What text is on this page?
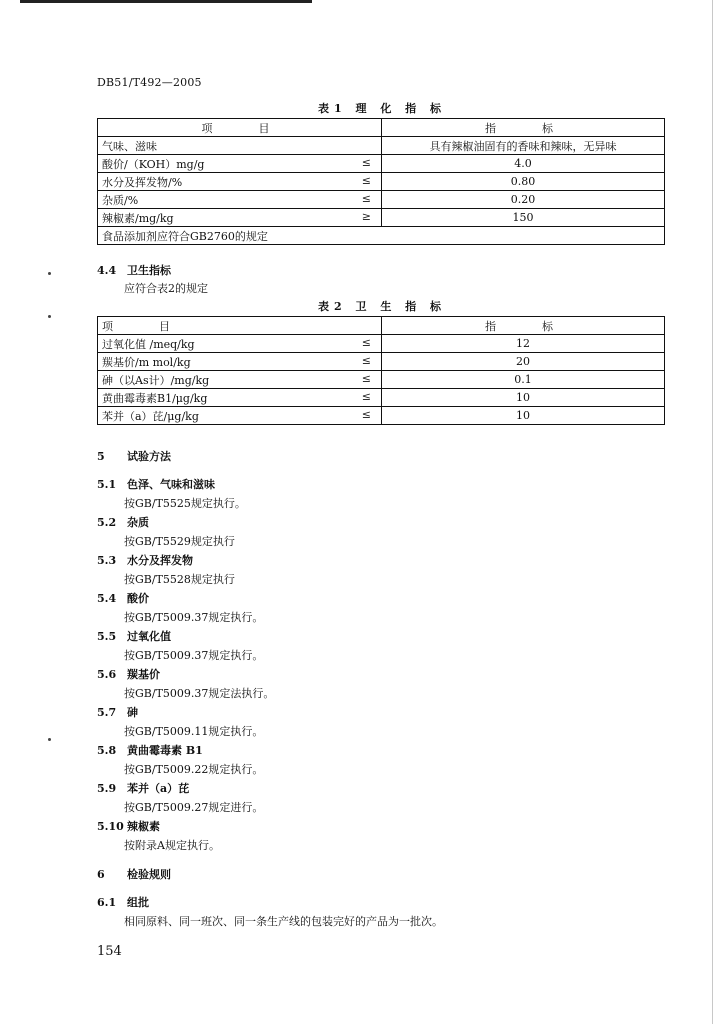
DB51/T492—2005
表1 理 化 指 标
项　　目	指　　标
气味、滋味	具有辣椒油固有的香味和辣味，无异味
酸价/（KOH）mg/g ≤	4.0
水分及挥发物/% ≤	0.80
杂质/% ≤	0.20
辣椒素/mg/kg ≥	150
食品添加剂应符合GB2760的规定	
4.4 卫生指标
应符合表2的规定
表2 卫 生 指 标
项　　目	指　　标
过氧化值 /meq/kg ≤	12
羰基价/m mol/kg ≤	20
砷（以As计）/mg/kg ≤	0.1
黄曲霉毒素B1/μg/kg ≤	10
苯并（a）芘/μg/kg ≤	10
5 试验方法
5.1 色泽、气味和滋味
按GB/T5525规定执行。
5.2 杂质
按GB/T5529规定执行
5.3 水分及挥发物
按GB/T5528规定执行
5.4 酸价
按GB/T5009.37规定执行。
5.5 过氧化值
按GB/T5009.37规定执行。
5.6 羰基价
按GB/T5009.37规定法执行。
5.7 砷
按GB/T5009.11规定执行。
5.8 黄曲霉毒素 B1
按GB/T5009.22规定执行。
5.9 苯并（a）芘
按GB/T5009.27规定进行。
5.10 辣椒素
按附录A规定执行。
6 检验规则
6.1 组批
相同原料、同一班次、同一条生产线的包装完好的产品为一批次。
154
